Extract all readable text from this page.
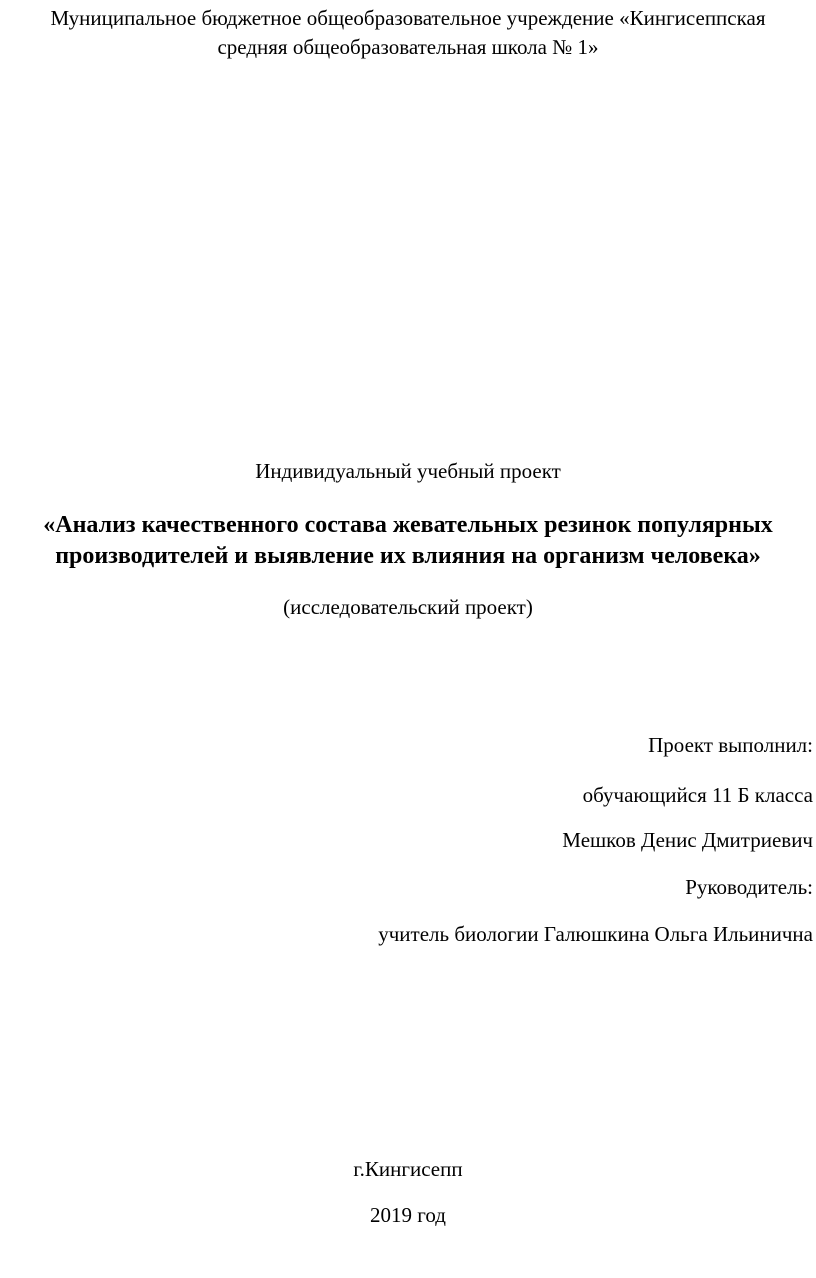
Муниципальное бюджетное общеобразовательное учреждение «Кингисеппская
средняя общеобразовательная школа № 1»
Индивидуальный учебный проект
«Анализ качественного состава жевательных резинок популярных
производителей и выявление их влияния на организм человека»
(исследовательский проект)
Проект выполнил:
обучающийся 11 Б класса
Мешков Денис Дмитриевич
Руководитель:
учитель биологии Галюшкина Ольга Ильинична
г.Кингисепп
2019 год
